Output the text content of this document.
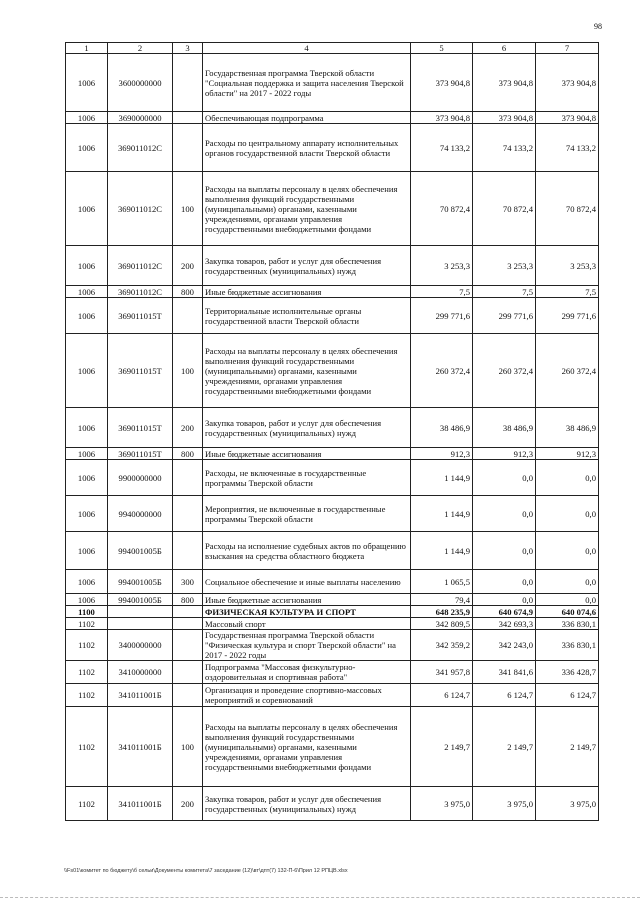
98
1	2	3	4	5	6	7
1006	3600000000		Государственная программа Тверской области "Социальная поддержка и защита населения Тверской области" на 2017 - 2022 годы	373 904,8	373 904,8	373 904,8
1006	3690000000		Обеспечивающая подпрограмма	373 904,8	373 904,8	373 904,8
1006	369011012С		Расходы по центральному аппарату исполнительных органов государственной власти Тверской области	74 133,2	74 133,2	74 133,2
1006	369011012С	100	Расходы на выплаты персоналу в целях обеспечения выполнения функций государственными (муниципальными) органами, казенными учреждениями, органами управления государственными внебюджетными фондами	70 872,4	70 872,4	70 872,4
1006	369011012С	200	Закупка товаров, работ и услуг для обеспечения государственных (муниципальных) нужд	3 253,3	3 253,3	3 253,3
1006	369011012С	800	Иные бюджетные ассигнования	7,5	7,5	7,5
1006	369011015Т		Территориальные исполнительные органы государственной власти Тверской области	299 771,6	299 771,6	299 771,6
1006	369011015Т	100	Расходы на выплаты персоналу в целях обеспечения выполнения функций государственными (муниципальными) органами, казенными учреждениями, органами управления государственными внебюджетными фондами	260 372,4	260 372,4	260 372,4
1006	369011015Т	200	Закупка товаров, работ и услуг для обеспечения государственных (муниципальных) нужд	38 486,9	38 486,9	38 486,9
1006	369011015Т	800	Иные бюджетные ассигнования	912,3	912,3	912,3
1006	9900000000		Расходы, не включенные в государственные программы Тверской области	1 144,9	0,0	0,0
1006	9940000000		Мероприятия, не включенные в государственные программы Тверской области	1 144,9	0,0	0,0
1006	994001005Б		Расходы на исполнение судебных актов по обращению взыскания на средства областного бюджета	1 144,9	0,0	0,0
1006	994001005Б	300	Социальное обеспечение и иные выплаты населению	1 065,5	0,0	0,0
1006	994001005Б	800	Иные бюджетные ассигнования	79,4	0,0	0,0
1100			ФИЗИЧЕСКАЯ КУЛЬТУРА И СПОРТ	648 235,9	640 674,9	640 074,6
1102			Массовый спорт	342 809,5	342 693,3	336 830,1
1102	3400000000		Государственная программа Тверской области "Физическая культура и спорт Тверской области" на 2017 - 2022 годы	342 359,2	342 243,0	336 830,1
1102	3410000000		Подпрограмма "Массовая физкультурно-оздоровительная и спортивная работа"	341 957,8	341 841,6	336 428,7
1102	341011001Б		Организация и проведение спортивно-массовых мероприятий и соревнований	6 124,7	6 124,7	6 124,7
1102	341011001Б	100	Расходы на выплаты персоналу в целях обеспечения выполнения функций государственными (муниципальными) органами, казенными учреждениями, органами управления государственными внебюджетными фондами	2 149,7	2 149,7	2 149,7
1102	341011001Б	200	Закупка товаров, работ и услуг для обеспечения государственных (муниципальных) нужд	3 975,0	3 975,0	3 975,0
\\Fs01\комитет по бюджету\б сельи\Документы комитета\7 заседание (12)\вт\дпт(7) 132-П-6\Прил 12 РПЦВ.xlsx
